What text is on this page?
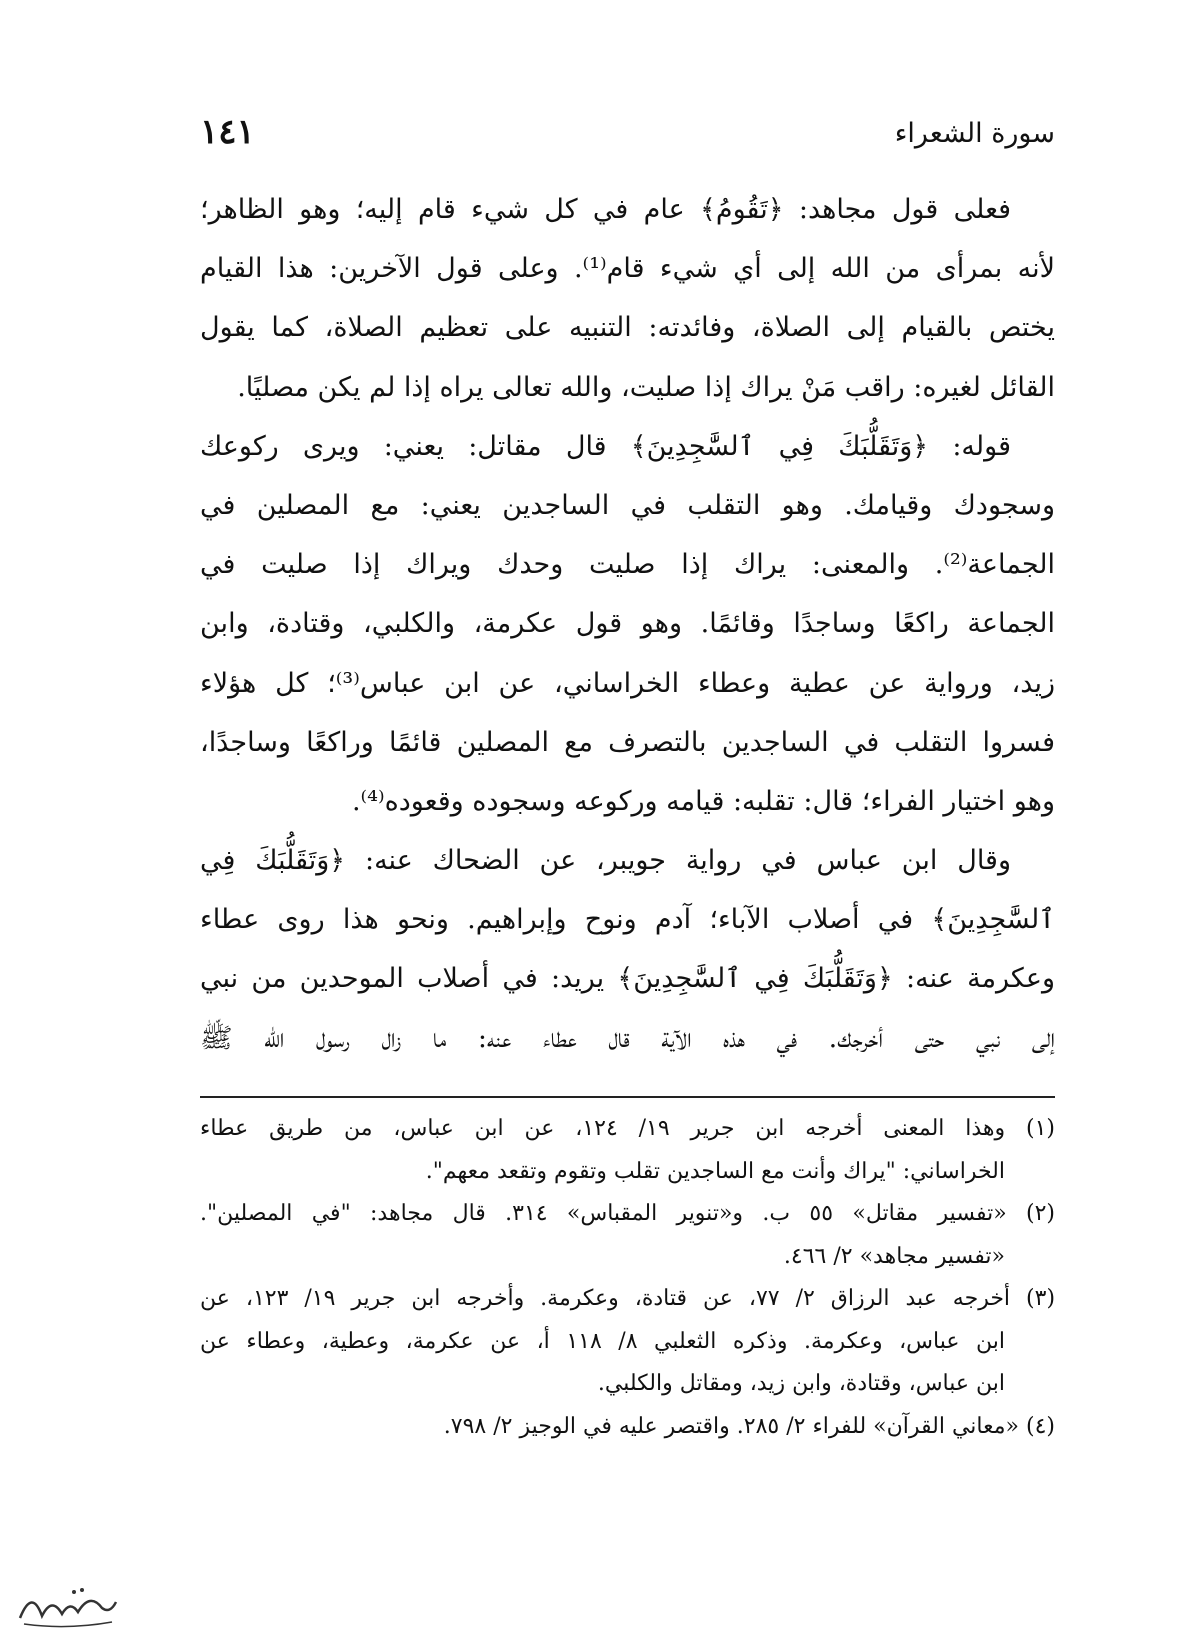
سورة الشعراء
١٤١
فعلى قول مجاهد: ﴿تَقُومُ﴾ عام في كل شيء قام إليه؛ وهو الظاهر؛
لأنه بمرأى من الله إلى أي شيء قام⁽¹⁾. وعلى قول الآخرين: هذا القيام
يختص بالقيام إلى الصلاة، وفائدته: التنبيه على تعظيم الصلاة، كما يقول
القائل لغيره: راقب مَنْ يراك إذا صليت، والله تعالى يراه إذا لم يكن مصليًا.
قوله: ﴿وَتَقَلُّبَكَ فِي ٱلسَّٰجِدِينَ﴾ قال مقاتل: يعني: ويرى ركوعك
وسجودك وقيامك. وهو التقلب في الساجدين يعني: مع المصلين في
الجماعة⁽²⁾. والمعنى: يراك إذا صليت وحدك ويراك إذا صليت في
الجماعة راكعًا وساجدًا وقائمًا. وهو قول عكرمة، والكلبي، وقتادة، وابن
زيد، ورواية عن عطية وعطاء الخراساني، عن ابن عباس⁽³⁾؛ كل هؤلاء
فسروا التقلب في الساجدين بالتصرف مع المصلين قائمًا وراكعًا وساجدًا،
وهو اختيار الفراء؛ قال: تقلبه: قيامه وركوعه وسجوده وقعوده⁽⁴⁾.
وقال ابن عباس في رواية جويبر، عن الضحاك عنه: ﴿وَتَقَلُّبَكَ فِي
ٱلسَّٰجِدِينَ﴾ في أصلاب الآباء؛ آدم ونوح وإبراهيم. ونحو هذا روى عطاء
وعكرمة عنه: ﴿وَتَقَلُّبَكَ فِي ٱلسَّٰجِدِينَ﴾ يريد: في أصلاب الموحدين من نبي
إلى نبي حتى أخرجك. في هذه الآية قال عطاء عنه: ما زال رسول الله ﷺ
(١) وهذا المعنى أخرجه ابن جرير ١٩/ ١٢٤، عن ابن عباس، من طريق عطاء
الخراساني: "يراك وأنت مع الساجدين تقلب وتقوم وتقعد معهم".
(٢) «تفسير مقاتل» ٥٥ ب. و«تنوير المقباس» ٣١٤. قال مجاهد: "في المصلين".
«تفسير مجاهد» ٢/ ٤٦٦.
(٣) أخرجه عبد الرزاق ٢/ ٧٧، عن قتادة، وعكرمة. وأخرجه ابن جرير ١٩/ ١٢٣، عن
ابن عباس، وعكرمة. وذكره الثعلبي ٨/ ١١٨ أ، عن عكرمة، وعطية، وعطاء عن
ابن عباس، وقتادة، وابن زيد، ومقاتل والكلبي.
(٤) «معاني القرآن» للفراء ٢/ ٢٨٥. واقتصر عليه في الوجيز ٢/ ٧٩٨.
